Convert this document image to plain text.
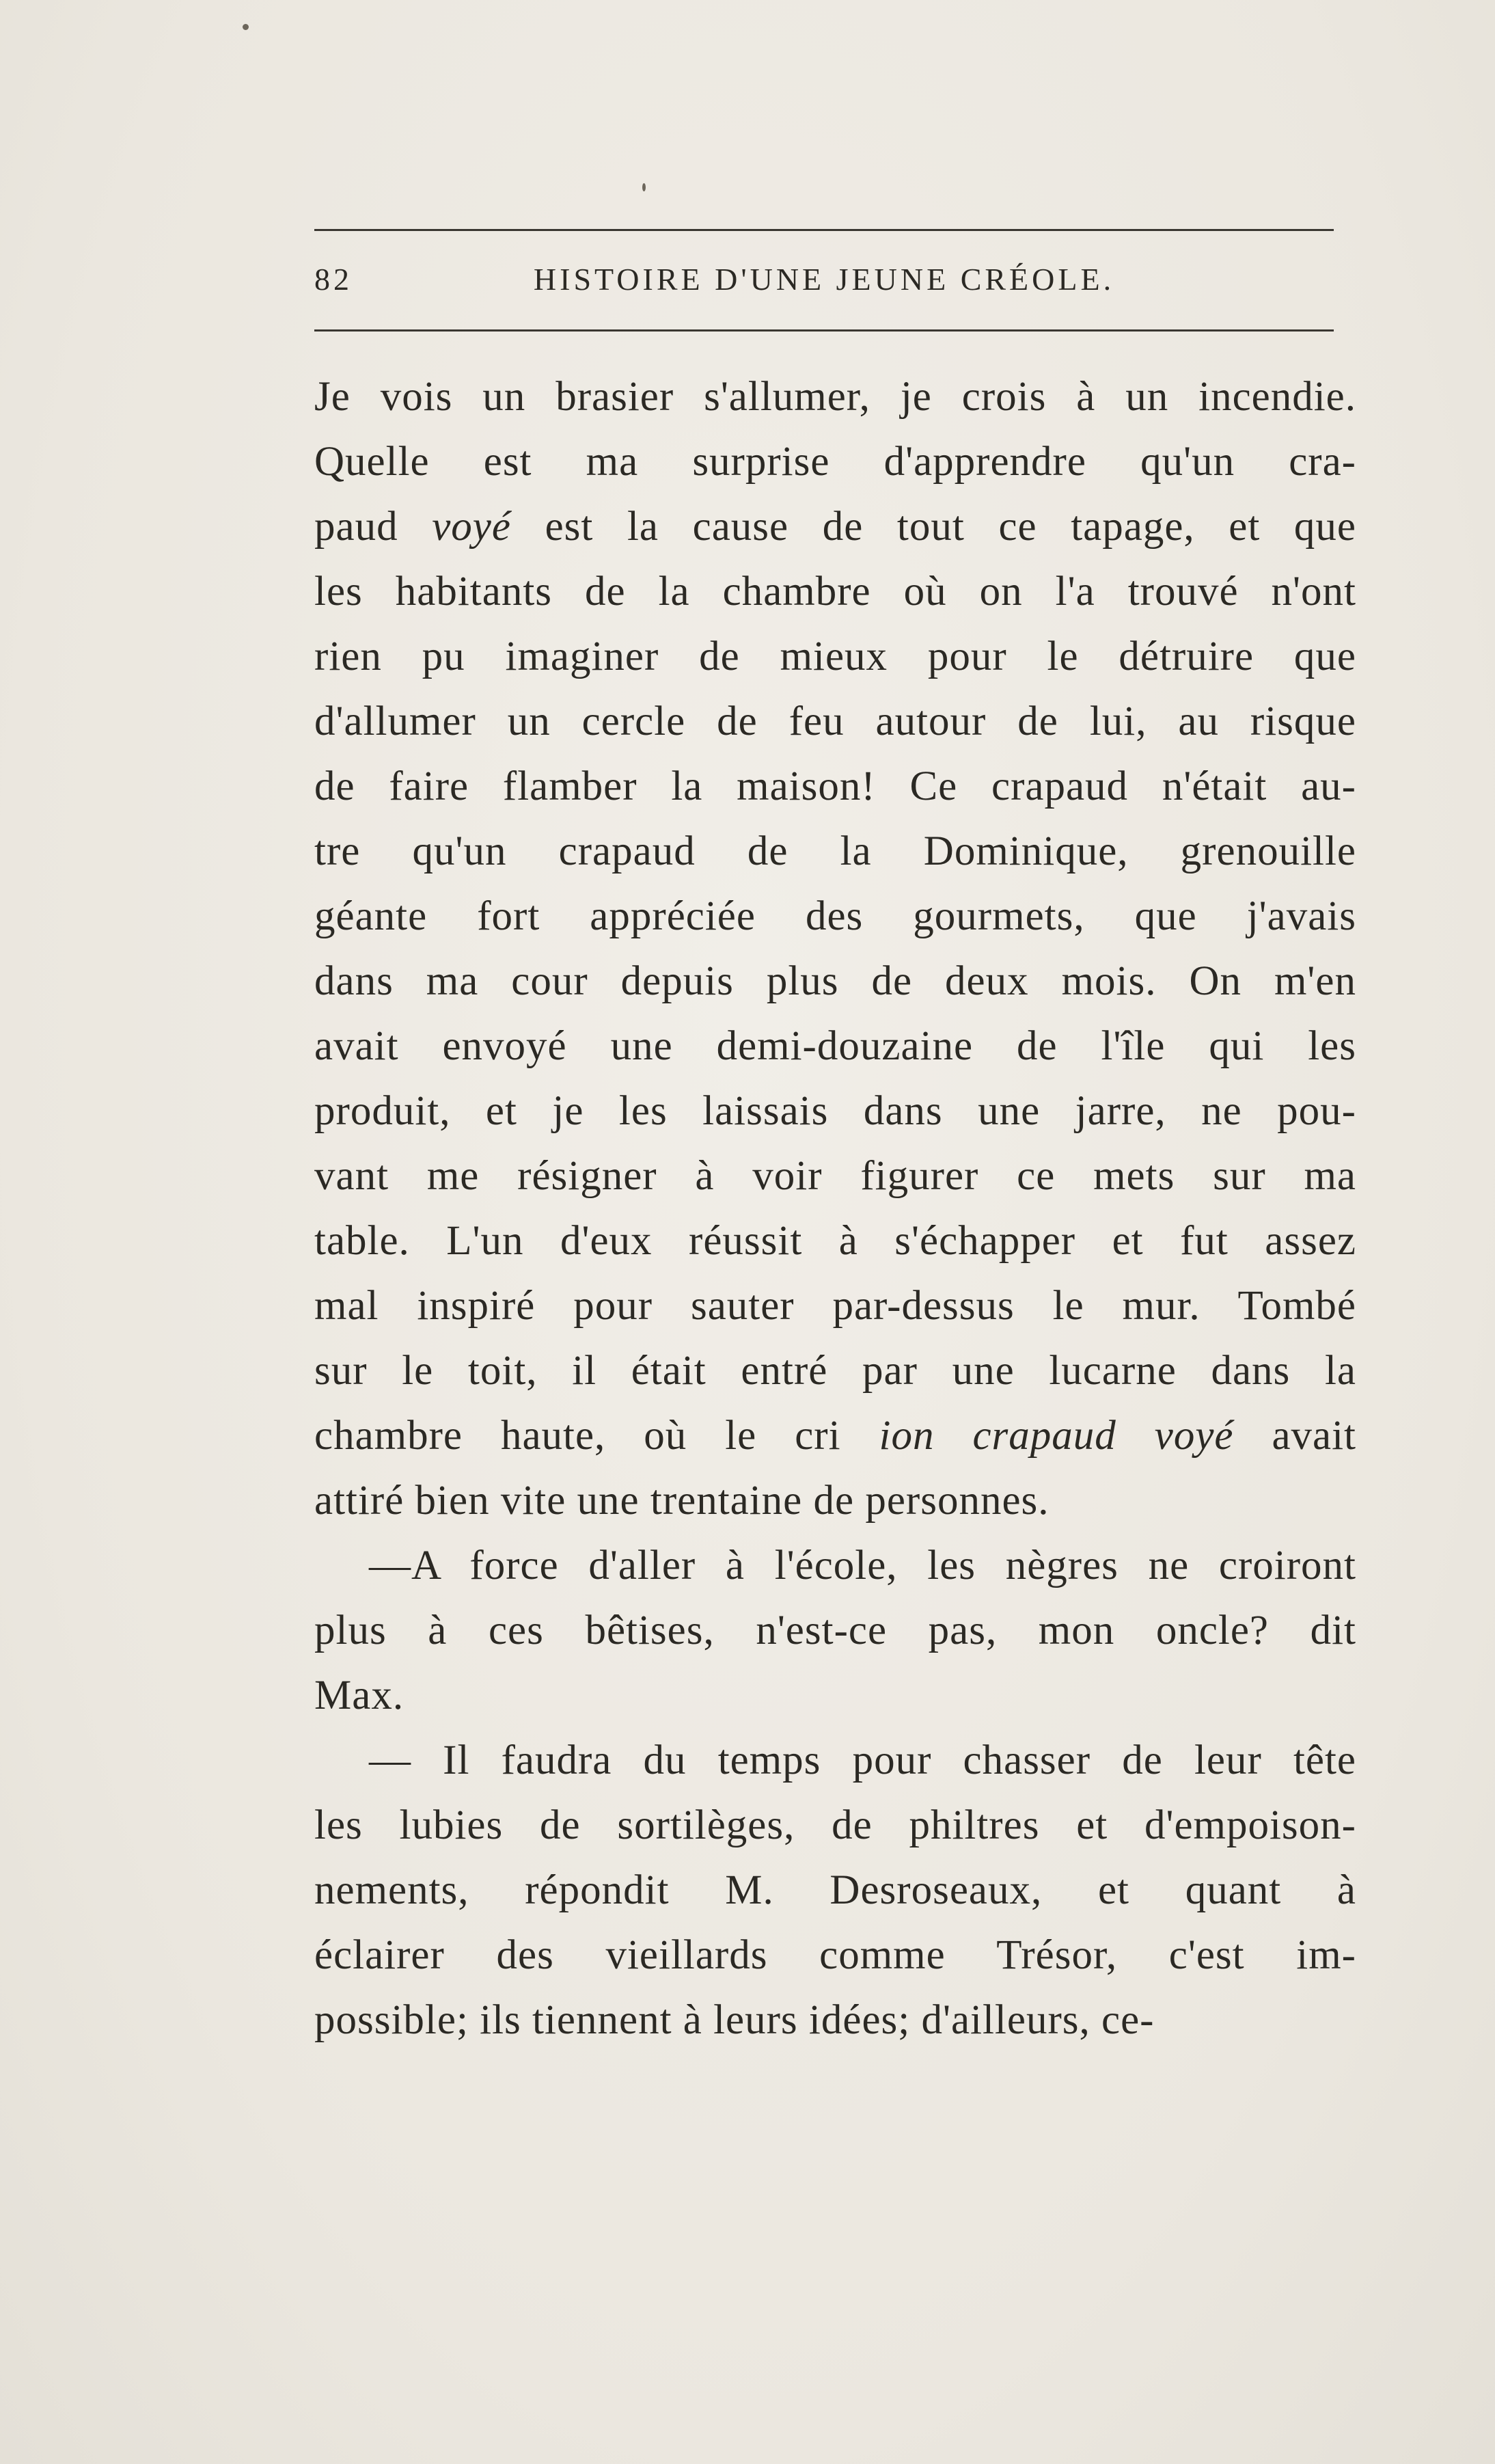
82	HISTOIRE D'UNE JEUNE CRÉOLE.
Je vois un brasier s'allumer, je crois à un incendie.
Quelle est ma surprise d'apprendre qu'un cra-
paud voyé est la cause de tout ce tapage, et que
les habitants de la chambre où on l'a trouvé n'ont
rien pu imaginer de mieux pour le détruire que
d'allumer un cercle de feu autour de lui, au risque
de faire flamber la maison! Ce crapaud n'était au-
tre qu'un crapaud de la Dominique, grenouille
géante fort appréciée des gourmets, que j'avais
dans ma cour depuis plus de deux mois. On m'en
avait envoyé une demi-douzaine de l'île qui les
produit, et je les laissais dans une jarre, ne pou-
vant me résigner à voir figurer ce mets sur ma
table. L'un d'eux réussit à s'échapper et fut assez
mal inspiré pour sauter par-dessus le mur. Tombé
sur le toit, il était entré par une lucarne dans la
chambre haute, où le cri ion crapaud voyé avait
attiré bien vite une trentaine de personnes.
—A force d'aller à l'école, les nègres ne croiront
plus à ces bêtises, n'est-ce pas, mon oncle? dit
Max.
— Il faudra du temps pour chasser de leur tête
les lubies de sortilèges, de philtres et d'empoison-
nements, répondit M. Desroseaux, et quant à
éclairer des vieillards comme Trésor, c'est im-
possible; ils tiennent à leurs idées; d'ailleurs, ce-
